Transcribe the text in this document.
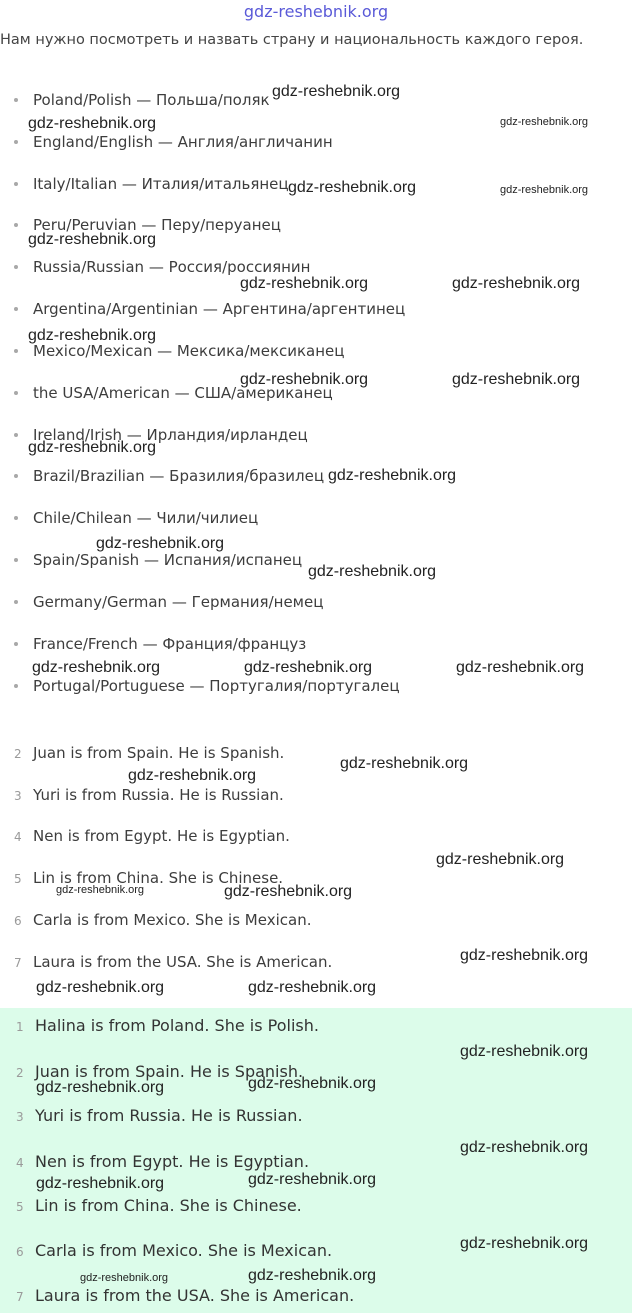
gdz-reshebnik.org
Нам нужно посмотреть и назвать страну и национальность каждого героя.
Poland/Polish — Польша/поляк
England/English — Англия/англичанин
Italy/Italian — Италия/итальянец
Peru/Peruvian — Перу/перуанец
Russia/Russian — Россия/россиянин
Argentina/Argentinian — Аргентина/аргентинец
Mexico/Mexican — Мексика/мексиканец
the USA/American — США/американец
Ireland/Irish — Ирландия/ирландец
Brazil/Brazilian — Бразилия/бразилец
Chile/Chilean — Чили/чилиец
Spain/Spanish — Испания/испанец
Germany/German — Германия/немец
France/French — Франция/француз
Portugal/Portuguese — Португалия/португалец
2 Juan is from Spain. He is Spanish.
3 Yuri is from Russia. He is Russian.
4 Nen is from Egypt. He is Egyptian.
5 Lin is from China. She is Chinese.
6 Carla is from Mexico. She is Mexican.
7 Laura is from the USA. She is American.
1 Halina is from Poland. She is Polish.
2 Juan is from Spain. He is Spanish.
3 Yuri is from Russia. He is Russian.
4 Nen is from Egypt. He is Egyptian.
5 Lin is from China. She is Chinese.
6 Carla is from Mexico. She is Mexican.
7 Laura is from the USA. She is American.
gdz-reshebnik.org
gdz-reshebnik.org	gdz-reshebnik.org
gdz-reshebnik.org	gdz-reshebnik.org
gdz-reshebnik.org
gdz-reshebnik.org	gdz-reshebnik.org
gdz-reshebnik.org
gdz-reshebnik.org	gdz-reshebnik.org
gdz-reshebnik.org
gdz-reshebnik.org
gdz-reshebnik.org
gdz-reshebnik.org
gdz-reshebnik.org	gdz-reshebnik.org	gdz-reshebnik.org
gdz-reshebnik.org
gdz-reshebnik.org
gdz-reshebnik.org
gdz-reshebnik.org	gdz-reshebnik.org
gdz-reshebnik.org
gdz-reshebnik.org	gdz-reshebnik.org
gdz-reshebnik.org
gdz-reshebnik.org
gdz-reshebnik.org
gdz-reshebnik.org
gdz-reshebnik.org
gdz-reshebnik.org
gdz-reshebnik.org
gdz-reshebnik.org
gdz-reshebnik.org
